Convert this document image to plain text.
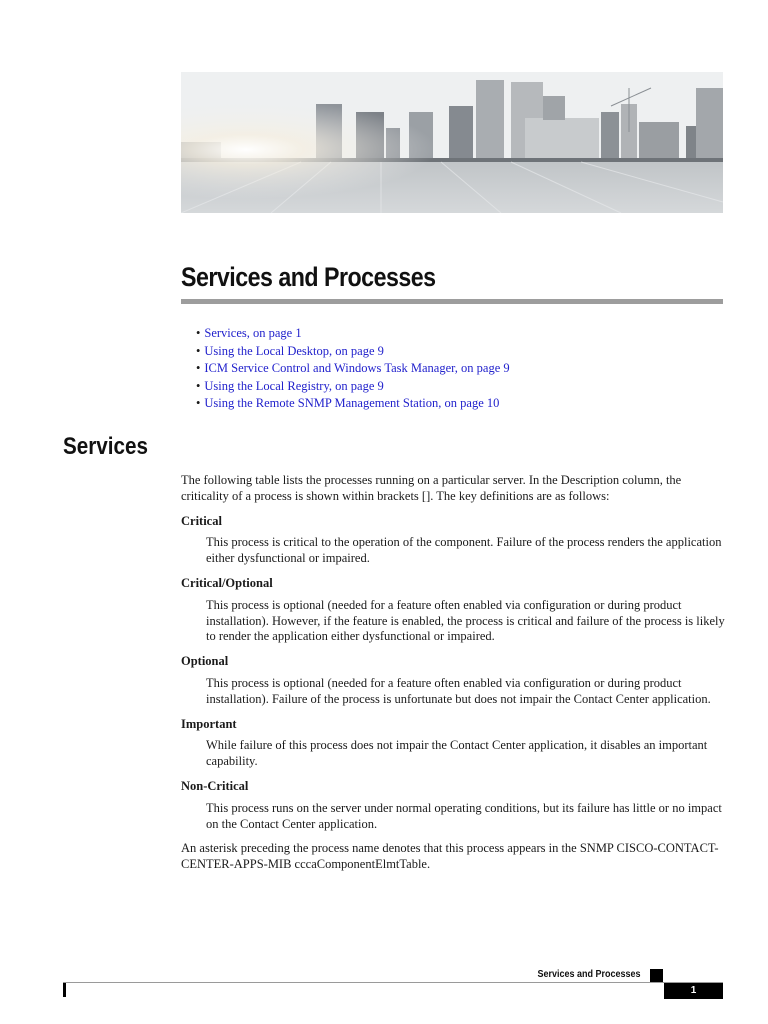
Services and Processes
• Services, on page 1
• Using the Local Desktop, on page 9
• ICM Service Control and Windows Task Manager, on page 9
• Using the Local Registry, on page 9
• Using the Remote SNMP Management Station, on page 10
Services

The following table lists the processes running on a particular server. In the Description column, the criticality of a process is shown within brackets []. The key definitions are as follows:

Critical

This process is critical to the operation of the component. Failure of the process renders the application either dysfunctional or impaired.

Critical/Optional

This process is optional (needed for a feature often enabled via configuration or during product installation). However, if the feature is enabled, the process is critical and failure of the process is likely to render the application either dysfunctional or impaired.

Optional

This process is optional (needed for a feature often enabled via configuration or during product installation). Failure of the process is unfortunate but does not impair the Contact Center application.

Important

While failure of this process does not impair the Contact Center application, it disables an important capability.

Non-Critical

This process runs on the server under normal operating conditions, but its failure has little or no impact on the Contact Center application.

An asterisk preceding the process name denotes that this process appears in the SNMP CISCO-CONTACT-CENTER-APPS-MIB cccaComponentElmtTable.

Services and Processes
1
